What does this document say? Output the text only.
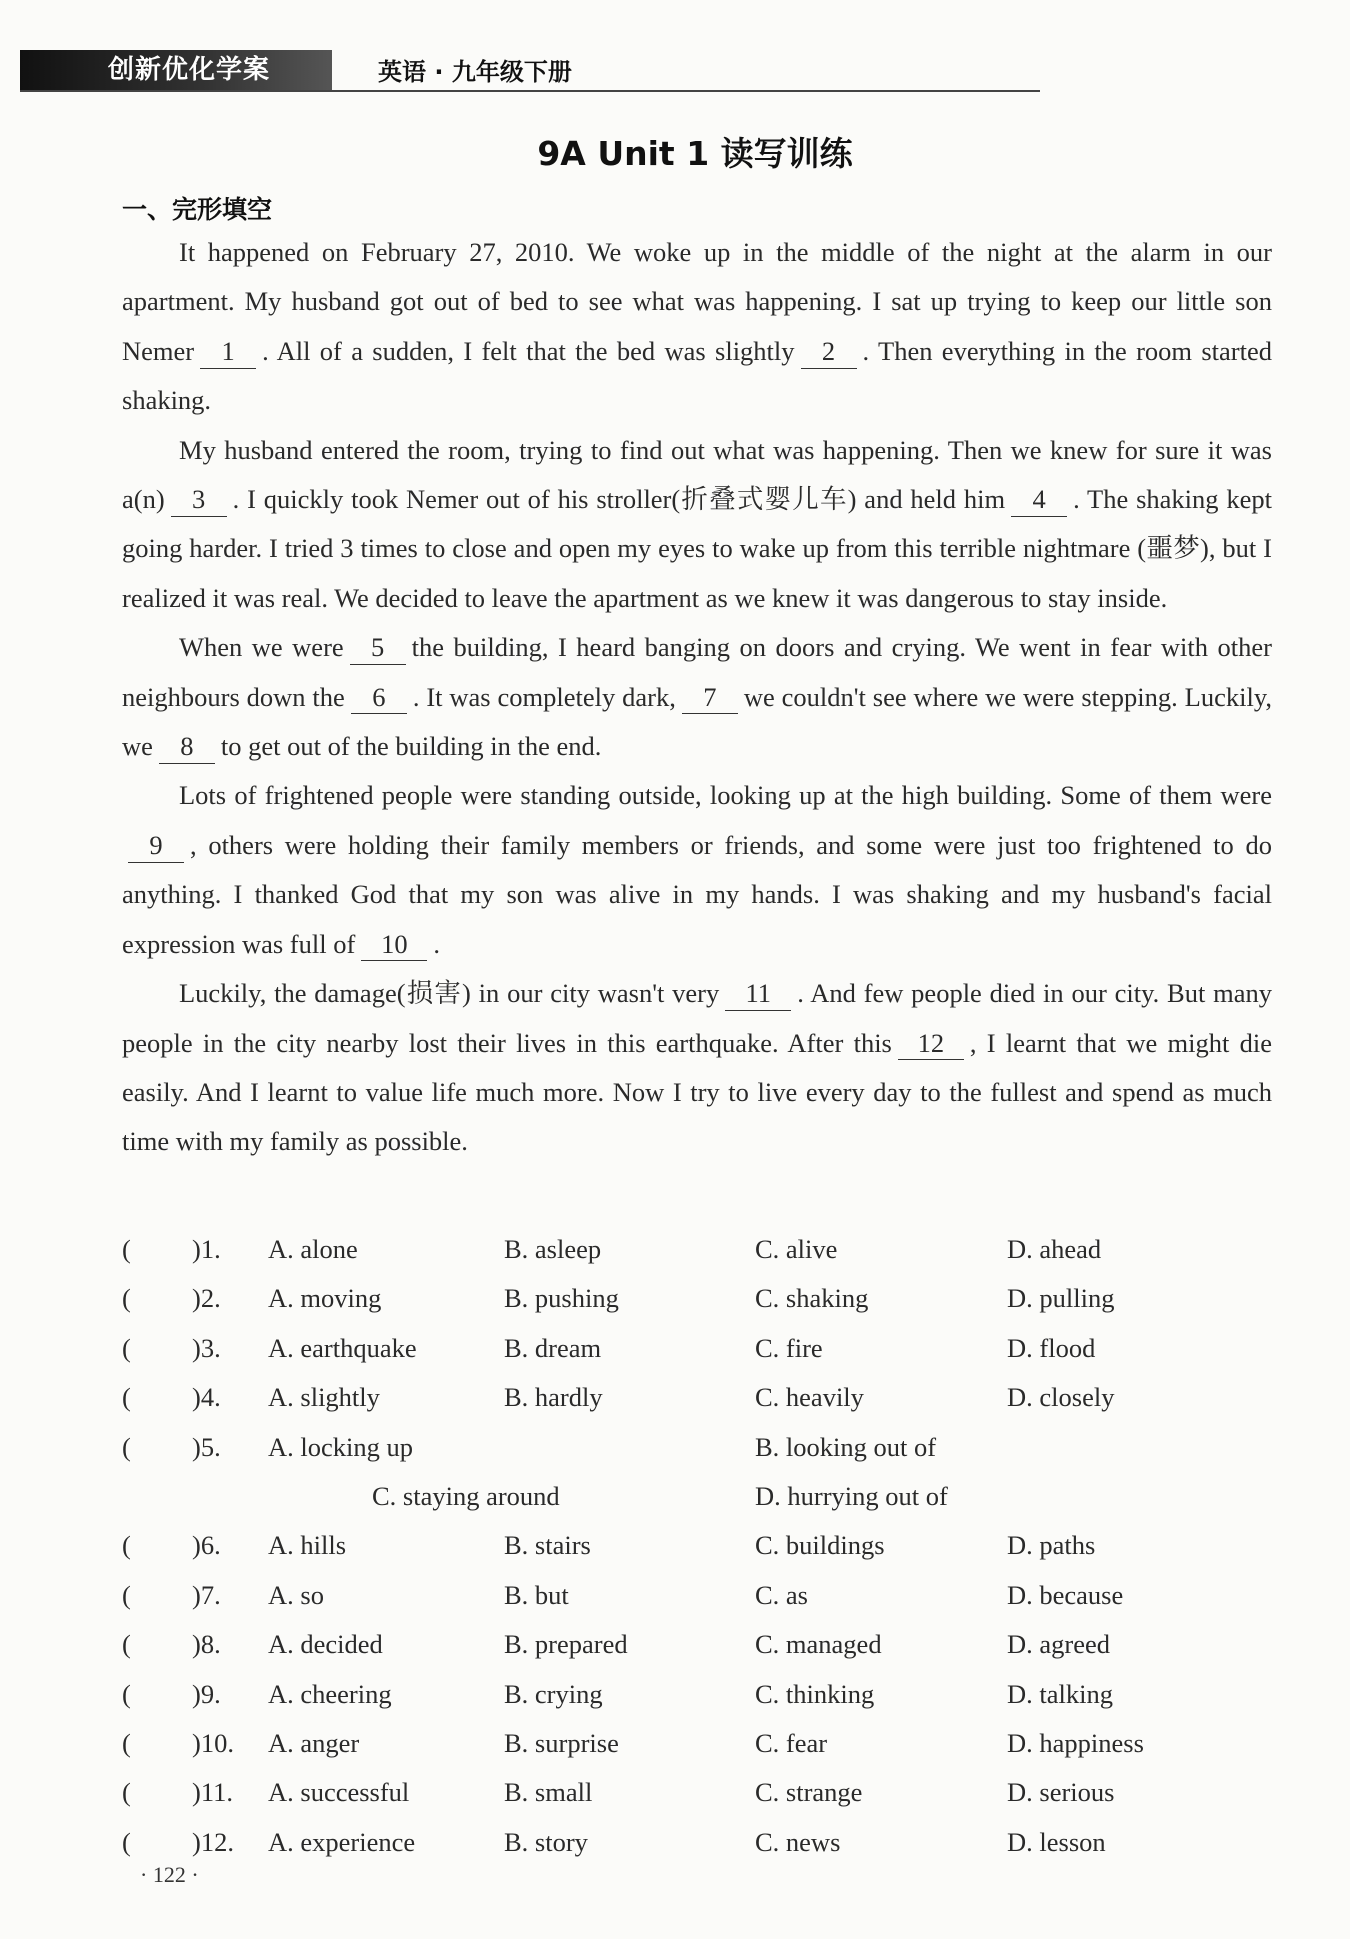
创新优化学案	英语 · 九年级下册
9A Unit 1 读写训练
一、完形填空

It happened on February 27, 2010. We woke up in the middle of the night at the alarm in our apartment. My husband got out of bed to see what was happening. I sat up trying to keep our little son Nemer 1 . All of a sudden, I felt that the bed was slightly 2 . Then everything in the room started shaking.

My husband entered the room, trying to find out what was happening. Then we knew for sure it was a(n) 3 . I quickly took Nemer out of his stroller(折叠式婴儿车) and held him 4 . The shaking kept going harder. I tried 3 times to close and open my eyes to wake up from this terrible nightmare (噩梦), but I realized it was real. We decided to leave the apartment as we knew it was dangerous to stay inside.

When we were 5 the building, I heard banging on doors and crying. We went in fear with other neighbours down the 6 . It was completely dark, 7 we couldn't see where we were stepping. Luckily, we 8 to get out of the building in the end.

Lots of frightened people were standing outside, looking up at the high building. Some of them were9 , others were holding their family members or friends, and some were just too frightened to do anything. I thanked God that my son was alive in my hands. I was shaking and my husband's facial expression was full of 10 .

Luckily, the damage(损害) in our city wasn't very 11 . And few people died in our city. But many people in the city nearby lost their lives in this earthquake. After this 12 , I learnt that we might die easily. And I learnt to value life much more. Now I try to live every day to the fullest and spend as much time with my family as possible.

( )1. A. alone	B. asleep	C. alive	D. ahead
( )2. A. moving	B. pushing	C. shaking	D. pulling
( )3. A. earthquake	B. dream	C. fire	D. flood
( )4. A. slightly	B. hardly	C. heavily	D. closely
( )5. A. locking up	B. looking out of
C. staying around	D. hurrying out of
( )6. A. hills	B. stairs	C. buildings	D. paths
( )7. A. so	B. but	C. as	D. because
( )8. A. decided	B. prepared	C. managed	D. agreed
( )9. A. cheering	B. crying	C. thinking	D. talking
( )10. A. anger	B. surprise	C. fear	D. happiness
( )11. A. successful	B. small	C. strange	D. serious
( )12. A. experience	B. story	C. news	D. lesson
· 122 ·
